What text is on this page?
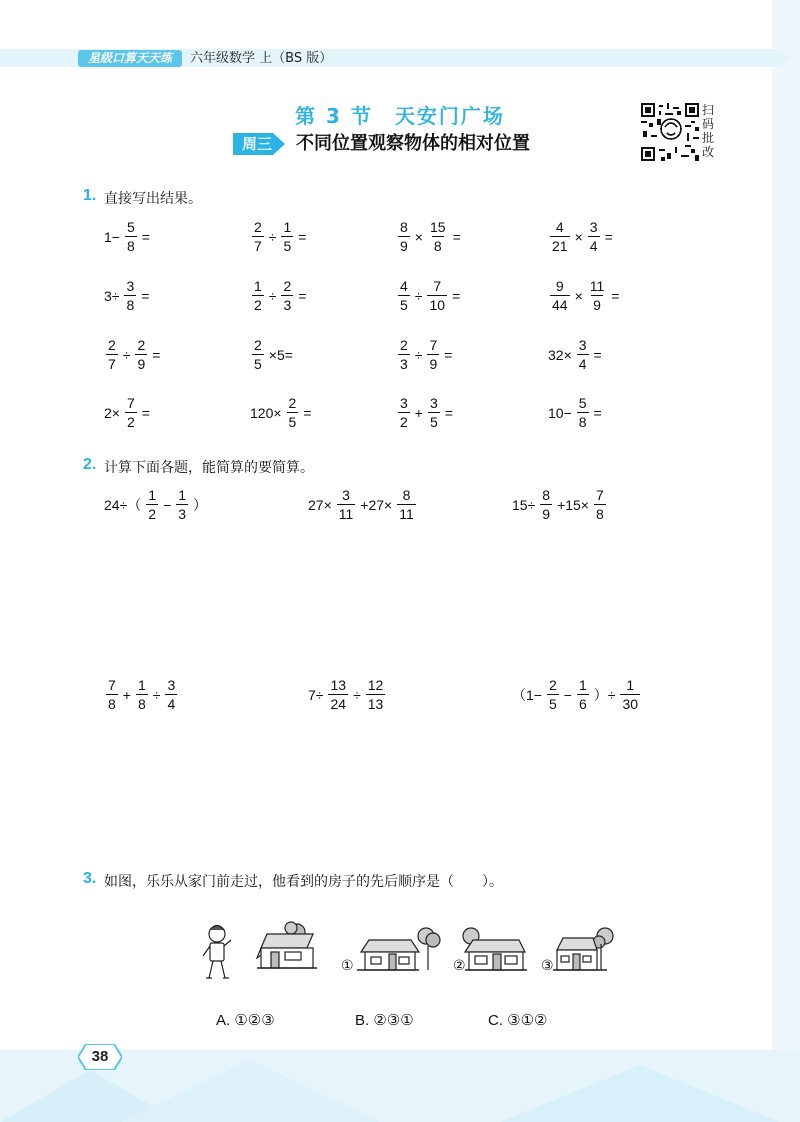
星级口算天天练	六年级数学 上（BS 版）
第 3 节　天安门广场
周三 不同位置观察物体的相对位置
扫码批改
1. 直接写出结果。
$1- \frac{5}{8}$ =	$\frac{2}{7} \div \frac{1}{5}$ =	$\frac{8}{9} \times \frac{15}{8}$ =	$\frac{4}{21} \times \frac{3}{4}$ =
$3\div \frac{3}{8}$ =	$\frac{1}{2} \div \frac{2}{3}$ =	$\frac{4}{5} \div \frac{7}{10}$ =	$\frac{9}{44} \times \frac{11}{9}$ =
$\frac{2}{7} \div \frac{2}{9}$ =	$\frac{2}{5} \times 5=$	$\frac{2}{3} \div \frac{7}{9}$ =	$32\times \frac{3}{4}$ =
$2\times \frac{7}{2}$ =	$120\times \frac{2}{5}$ =	$\frac{3}{2} + \frac{3}{5}$ =	$10- \frac{5}{8}$ =
2. 计算下面各题，能简算的要简算。
$24\div( \frac{1}{2} - \frac{1}{3}$ ）	$27\times \frac{3}{11} +27\times \frac{8}{11}$	$15\div \frac{8}{9} +15\times \frac{7}{8}$
$\frac{7}{8} + \frac{1}{8} \div \frac{3}{4}$	$7\div \frac{13}{24} \div \frac{12}{13}$	（$1- \frac{2}{5} - \frac{1}{6}$ ）÷ $\frac{1}{30}$
3. 如图，乐乐从家门前走过，他看到的房子的先后顺序是（　　）。
①	②	③
A. ①②③	B. ②③①	C. ③①②
38
